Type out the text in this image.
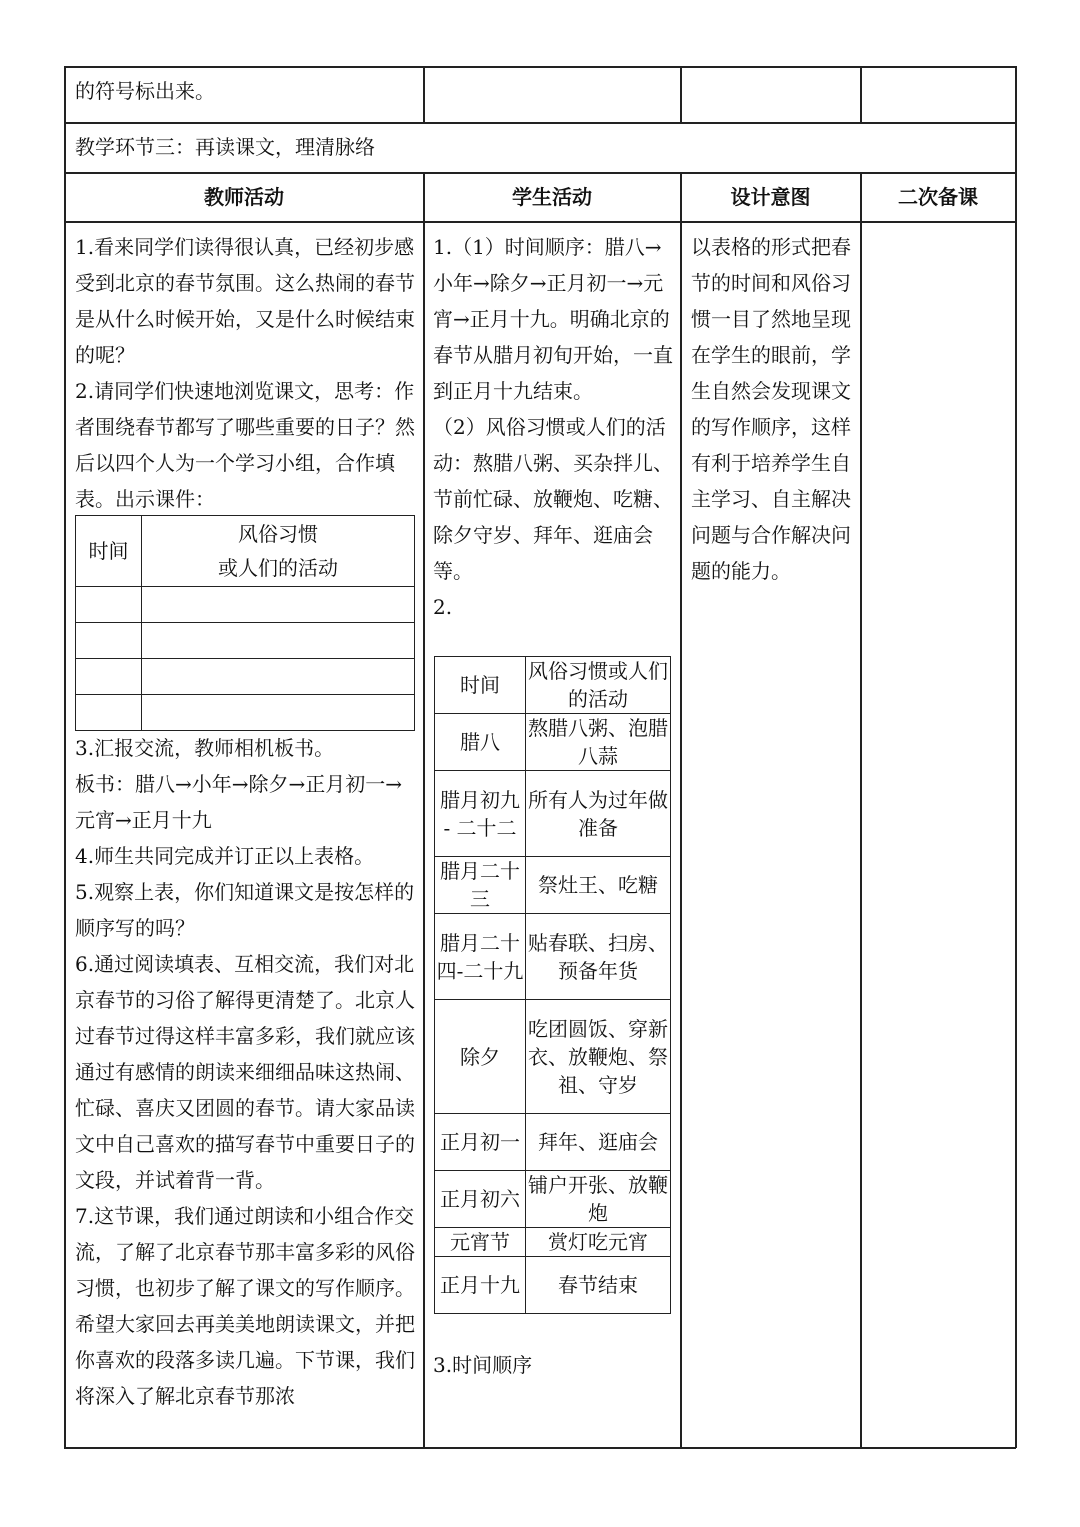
的符号标出来。
教学环节三：再读课文，理清脉络
教师活动	学生活动	设计意图	二次备课

1.看来同学们读得很认真，已经初步感受到北京的春节氛围。这么热闹的春节是从什么时候开始，又是什么时候结束的呢？

2.请同学们快速地浏览课文，思考：作者围绕春节都写了哪些重要的日子？然后以四个人为一个学习小组，合作填表。出示课件：

时间	风俗习惯
或人们的活动

3.汇报交流，教师相机板书。

板书：腊八→小年→除夕→正月初一→元宵→正月十九

4.师生共同完成并订正以上表格。

5.观察上表，你们知道课文是按怎样的顺序写的吗？

6.通过阅读填表、互相交流，我们对北京春节的习俗了解得更清楚了。北京人过春节过得这样丰富多彩，我们就应该通过有感情的朗读来细细品味这热闹、忙碌、喜庆又团圆的春节。请大家品读文中自己喜欢的描写春节中重要日子的文段，并试着背一背。

7.这节课，我们通过朗读和小组合作交流，了解了北京春节那丰富多彩的风俗习惯，也初步了解了课文的写作顺序。希望大家回去再美美地朗读课文，并把你喜欢的段落多读几遍。下节课，我们将深入了解北京春节那浓

1.（1）时间顺序：腊八→小年→除夕→正月初一→元宵→正月十九。明确北京的春节从腊月初旬开始，一直到正月十九结束。

（2）风俗习惯或人们的活动：熬腊八粥、买杂拌儿、节前忙碌、放鞭炮、吃糖、除夕守岁、拜年、逛庙会等。

2.

时间	风俗习惯或人们的活动
腊八	熬腊八粥、泡腊八蒜
腊月初九 - 二十二	所有人为过年做准备
腊月二十三	祭灶王、吃糖
腊月二十四-二十九	贴春联、扫房、预备年货
除夕	吃团圆饭、穿新衣、放鞭炮、祭祖、守岁
正月初一	拜年、逛庙会
正月初六	铺户开张、放鞭炮
元宵节	赏灯吃元宵
正月十九	春节结束
3.时间顺序

以表格的形式把春节的时间和风俗习惯一目了然地呈现在学生的眼前，学生自然会发现课文的写作顺序，这样有利于培养学生自主学习、自主解决问题与合作解决问题的能力。
